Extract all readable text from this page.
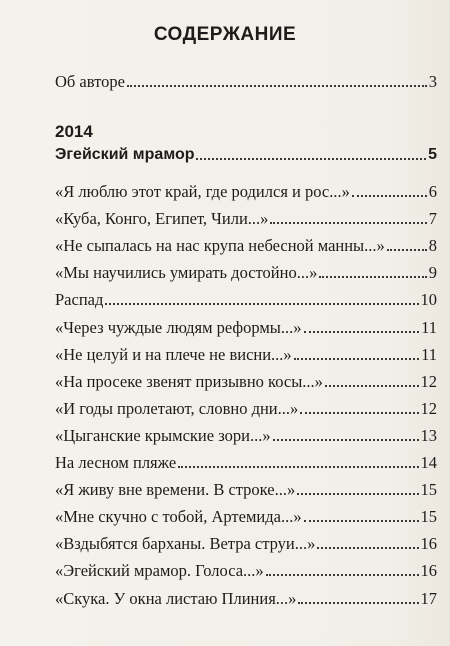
СОДЕРЖАНИЕ
Об авторе	3
2014
Эгейский мрамор	5
«Я люблю этот край, где родился и рос...»	6
«Куба, Конго, Египет, Чили...»	7
«Не сыпалась на нас крупа небесной манны...»	8
«Мы научились умирать достойно...»	9
Распад	10
«Через чуждые людям реформы...»	11
«Не целуй и на плече не висни...»	11
«На просеке звенят призывно косы...»	12
«И годы пролетают, словно дни...»	12
«Цыганские крымские зори...»	13
На лесном пляже	14
«Я живу вне времени. В строке...»	15
«Мне скучно с тобой, Артемида...»	15
«Вздыбятся барханы. Ветра струи...»	16
«Эгейский мрамор. Голоса...»	16
«Скука. У окна листаю Плиния...»	17
